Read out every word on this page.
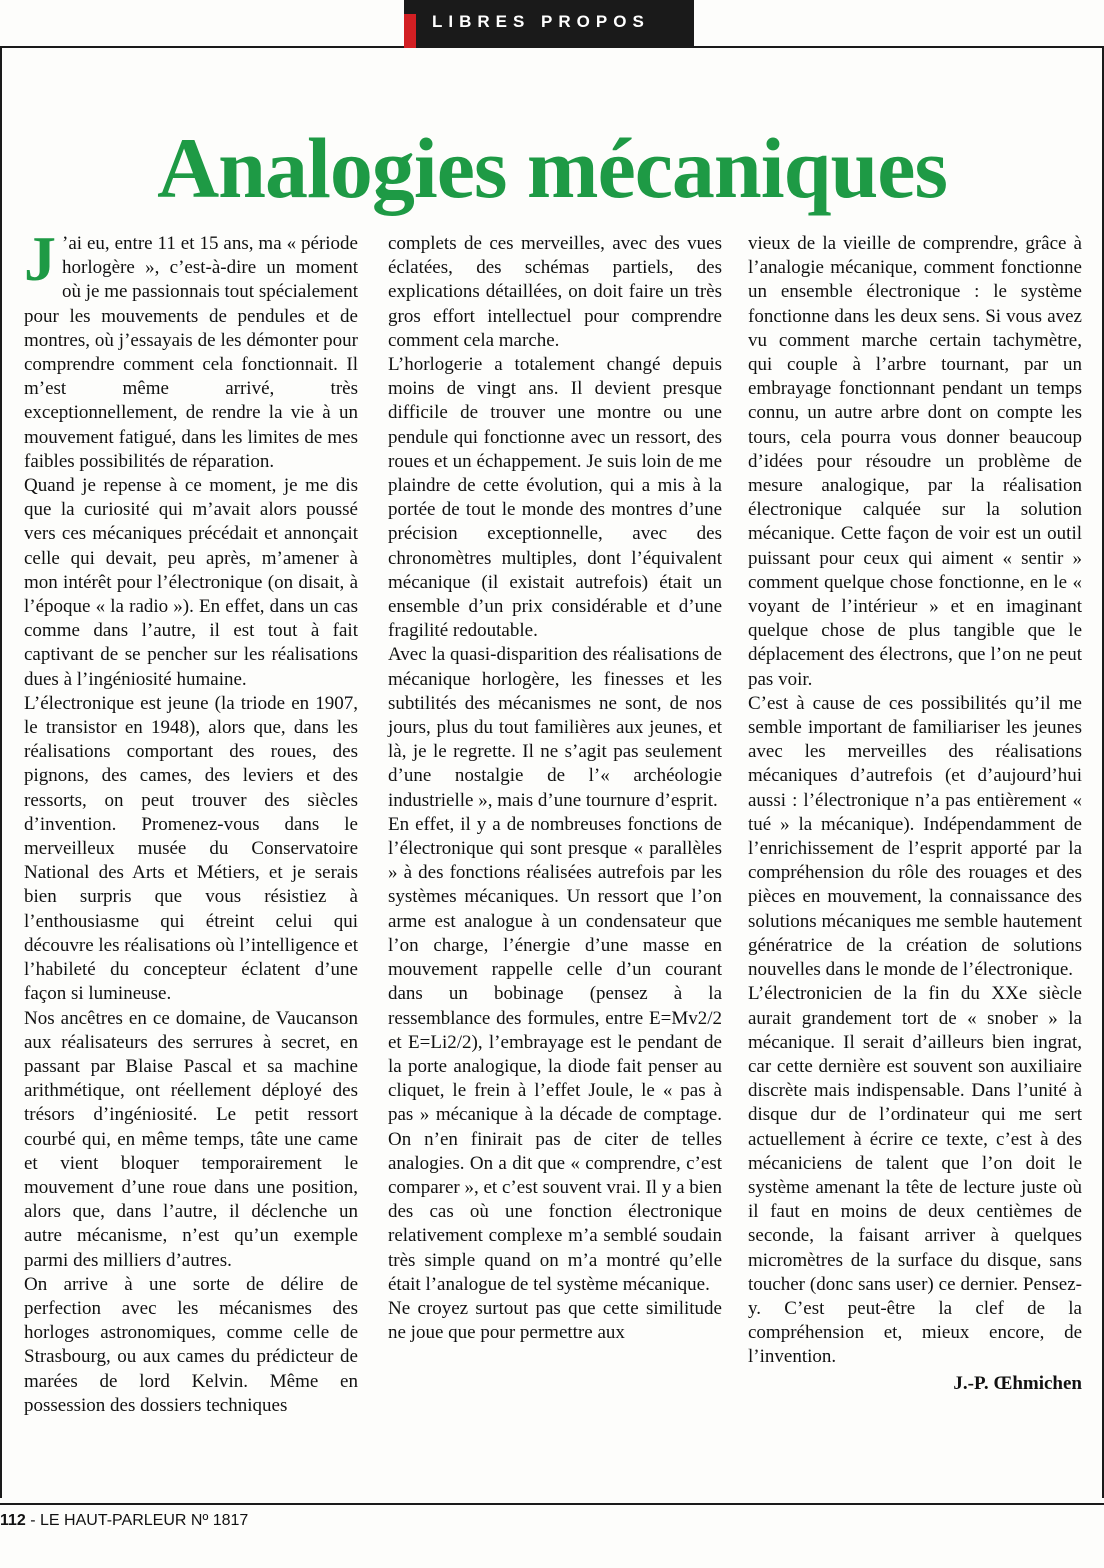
LIBRES PROPOS
Analogies mécaniques

J ’ai eu, entre 11 et 15 ans, ma « période horlogère », c’est-à-dire un moment où je me passionnais tout spécialement pour les mouvements de pendules et de montres, où j’essayais de les démonter pour comprendre comment cela fonctionnait. Il m’est même arrivé, très exceptionnellement, de rendre la vie à un mouvement fatigué, dans les limites de mes faibles possibilités de réparation.

Quand je repense à ce moment, je me dis que la curiosité qui m’avait alors poussé vers ces mécaniques précédait et annonçait celle qui devait, peu après, m’amener à mon intérêt pour l’électronique (on disait, à l’époque « la radio »). En effet, dans un cas comme dans l’autre, il est tout à fait captivant de se pencher sur les réalisations dues à l’ingéniosité humaine.

L’électronique est jeune (la triode en 1907, le transistor en 1948), alors que, dans les réalisations comportant des roues, des pignons, des cames, des leviers et des ressorts, on peut trouver des siècles d’invention. Promenez-vous dans le merveilleux musée du Conservatoire National des Arts et Métiers, et je serais bien surpris que vous résistiez à l’enthousiasme qui étreint celui qui découvre les réalisations où l’intelligence et l’habileté du concepteur éclatent d’une façon si lumineuse.

Nos ancêtres en ce domaine, de Vaucanson aux réalisateurs des serrures à secret, en passant par Blaise Pascal et sa machine arithmétique, ont réellement déployé des trésors d’ingéniosité. Le petit ressort courbé qui, en même temps, tâte une came et vient bloquer temporairement le mouvement d’une roue dans une position, alors que, dans l’autre, il déclenche un autre mécanisme, n’est qu’un exemple parmi des milliers d’autres.

On arrive à une sorte de délire de perfection avec les mécanismes des horloges astronomiques, comme celle de Strasbourg, ou aux cames du prédicteur de marées de lord Kelvin. Même en possession des dossiers techniques

complets de ces merveilles, avec des vues éclatées, des schémas partiels, des explications détaillées, on doit faire un très gros effort intellectuel pour comprendre comment cela marche.

L’horlogerie a totalement changé depuis moins de vingt ans. Il devient presque difficile de trouver une montre ou une pendule qui fonctionne avec un ressort, des roues et un échappement. Je suis loin de me plaindre de cette évolution, qui a mis à la portée de tout le monde des montres d’une précision exceptionnelle, avec des chronomètres multiples, dont l’équivalent mécanique (il existait autrefois) était un ensemble d’un prix considérable et d’une fragilité redoutable.

Avec la quasi-disparition des réalisations de mécanique horlogère, les finesses et les subtilités des mécanismes ne sont, de nos jours, plus du tout familières aux jeunes, et là, je le regrette. Il ne s’agit pas seulement d’une nostalgie de l’« archéologie industrielle », mais d’une tournure d’esprit.

En effet, il y a de nombreuses fonctions de l’électronique qui sont presque « parallèles » à des fonctions réalisées autrefois par les systèmes mécaniques. Un ressort que l’on arme est analogue à un condensateur que l’on charge, l’énergie d’une masse en mouvement rappelle celle d’un courant dans un bobinage (pensez à la ressemblance des formules, entre E=Mv2/2 et E=Li2/2), l’embrayage est le pendant de la porte analogique, la diode fait penser au cliquet, le frein à l’effet Joule, le « pas à pas » mécanique à la décade de comptage. On n’en finirait pas de citer de telles analogies. On a dit que « comprendre, c’est comparer », et c’est souvent vrai. Il y a bien des cas où une fonction électronique relativement complexe m’a semblé soudain très simple quand on m’a montré qu’elle était l’analogue de tel système mécanique.

Ne croyez surtout pas que cette similitude ne joue que pour permettre aux

vieux de la vieille de comprendre, grâce à l’analogie mécanique, comment fonctionne un ensemble électronique : le système fonctionne dans les deux sens. Si vous avez vu comment marche certain tachymètre, qui couple à l’arbre tournant, par un embrayage fonctionnant pendant un temps connu, un autre arbre dont on compte les tours, cela pourra vous donner beaucoup d’idées pour résoudre un problème de mesure analogique, par la réalisation électronique calquée sur la solution mécanique. Cette façon de voir est un outil puissant pour ceux qui aiment « sentir » comment quelque chose fonctionne, en le « voyant de l’intérieur » et en imaginant quelque chose de plus tangible que le déplacement des électrons, que l’on ne peut pas voir.

C’est à cause de ces possibilités qu’il me semble important de familiariser les jeunes avec les merveilles des réalisations mécaniques d’autrefois (et d’aujourd’hui aussi : l’électronique n’a pas entièrement « tué » la mécanique). Indépendamment de l’enrichissement de l’esprit apporté par la compréhension du rôle des rouages et des pièces en mouvement, la connaissance des solutions mécaniques me semble hautement génératrice de la création de solutions nouvelles dans le monde de l’électronique.

L’électronicien de la fin du XXe siècle aurait grandement tort de « snober » la mécanique. Il serait d’ailleurs bien ingrat, car cette dernière est souvent son auxiliaire discrète mais indispensable. Dans l’unité à disque dur de l’ordinateur qui me sert actuellement à écrire ce texte, c’est à des mécaniciens de talent que l’on doit le système amenant la tête de lecture juste où il faut en moins de deux centièmes de seconde, la faisant arriver à quelques micromètres de la surface du disque, sans toucher (donc sans user) ce dernier. Pensez-y. C’est peut-être la clef de la compréhension et, mieux encore, de l’invention.

J.-P. Œhmichen
112 - LE HAUT-PARLEUR Nº 1817
